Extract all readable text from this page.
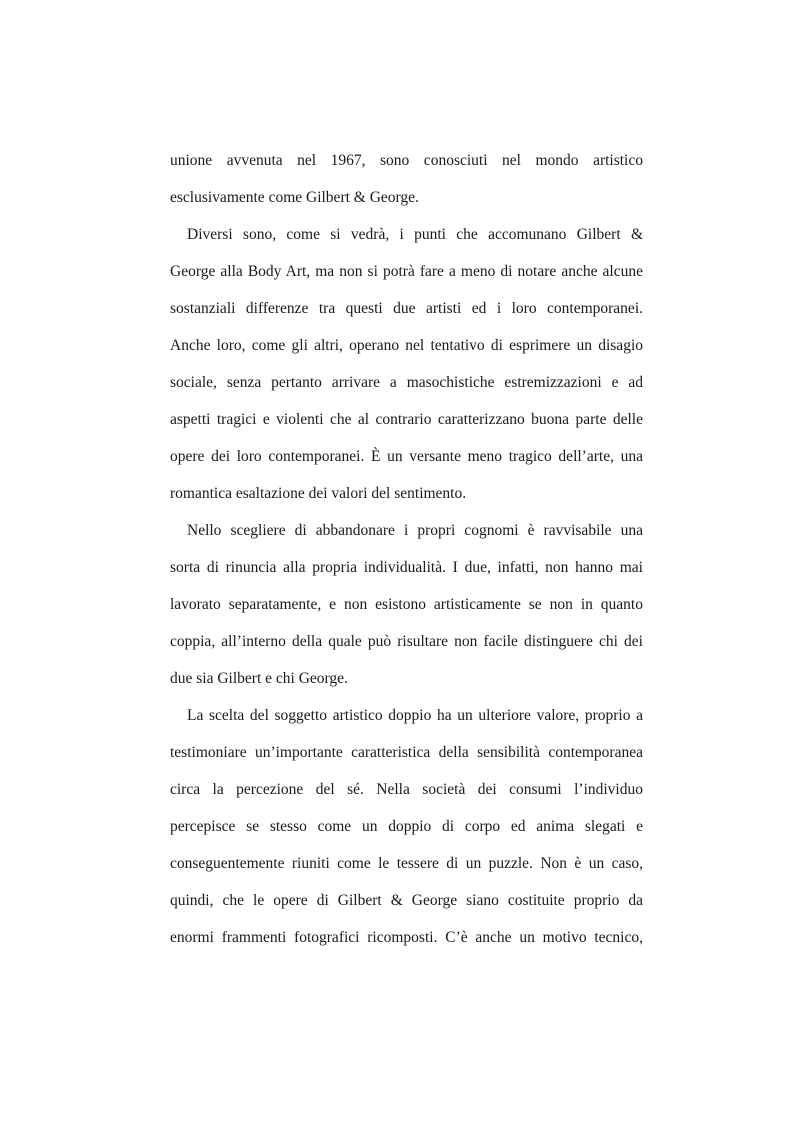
unione avvenuta nel 1967, sono conosciuti nel mondo artistico
esclusivamente come Gilbert & George.
Diversi sono, come si vedrà, i punti che accomunano Gilbert &
George alla Body Art, ma non si potrà fare a meno di notare anche alcune
sostanziali differenze tra questi due artisti ed i loro contemporanei.
Anche loro, come gli altri, operano nel tentativo di esprimere un disagio
sociale, senza pertanto arrivare a masochistiche estremizzazioni e ad
aspetti tragici e violenti che al contrario caratterizzano buona parte delle
opere dei loro contemporanei. È un versante meno tragico dell’arte, una
romantica esaltazione dei valori del sentimento.
Nello scegliere di abbandonare i propri cognomi è ravvisabile una
sorta di rinuncia alla propria individualità. I due, infatti, non hanno mai
lavorato separatamente, e non esistono artisticamente se non in quanto
coppia, all’interno della quale può risultare non facile distinguere chi dei
due sia Gilbert e chi George.
La scelta del soggetto artistico doppio ha un ulteriore valore, proprio a
testimoniare un’importante caratteristica della sensibilità contemporanea
circa la percezione del sé. Nella società dei consumi l’individuo
percepisce se stesso come un doppio di corpo ed anima slegati e
conseguentemente riuniti come le tessere di un puzzle. Non è un caso,
quindi, che le opere di Gilbert & George siano costituite proprio da
enormi frammenti fotografici ricomposti. C’è anche un motivo tecnico,
